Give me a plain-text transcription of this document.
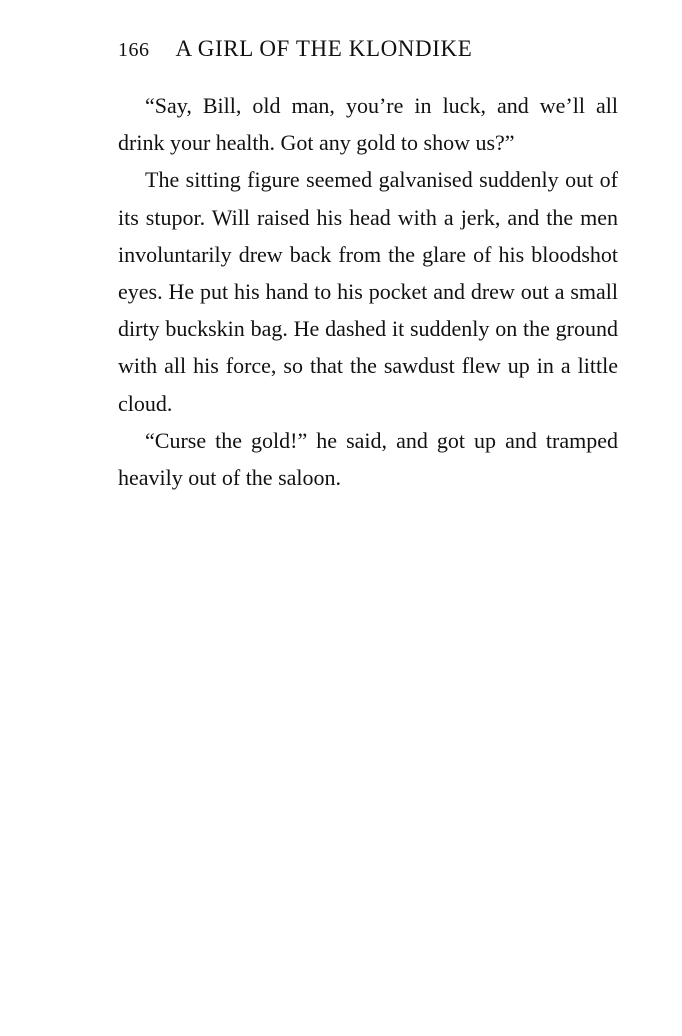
166 A GIRL OF THE KLONDIKE

“Say, Bill, old man, you’re in luck, and we’ll all drink your health. Got any gold to show us?”

The sitting figure seemed galvanised suddenly out of its stupor. Will raised his head with a jerk, and the men involuntarily drew back from the glare of his bloodshot eyes. He put his hand to his pocket and drew out a small dirty buckskin bag. He dashed it suddenly on the ground with all his force, so that the sawdust flew up in a little cloud.

“Curse the gold!” he said, and got up and tramped heavily out of the saloon.
